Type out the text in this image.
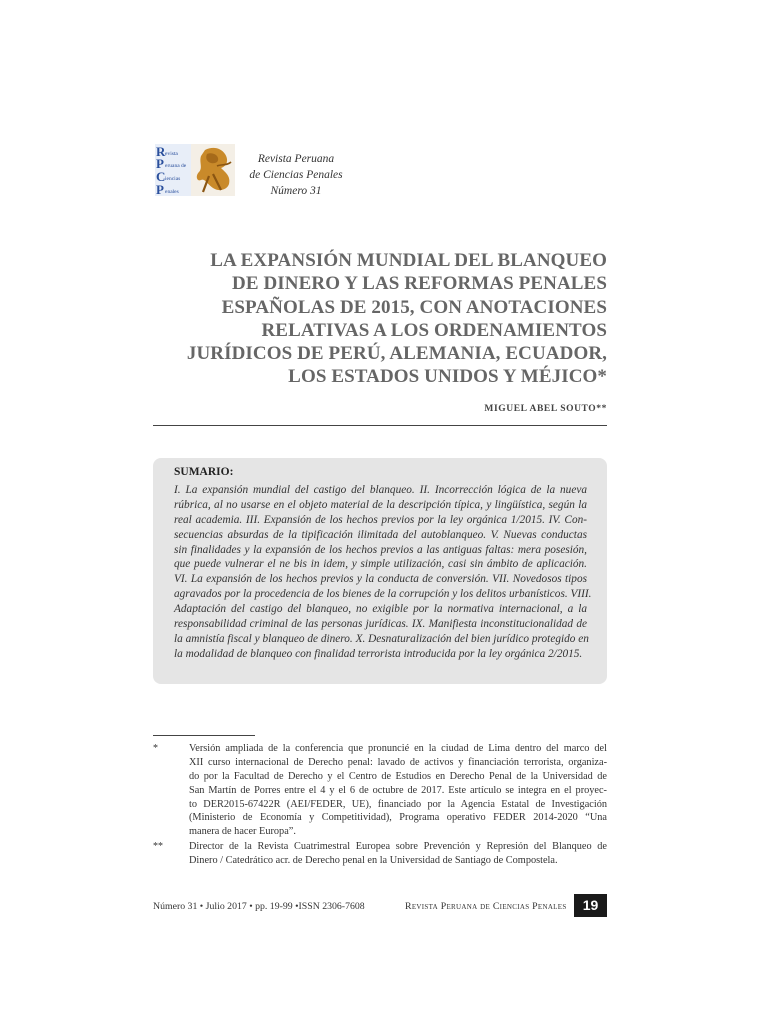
R evista
P eruana de
C iencias
P enales
Revista Peruana
de Ciencias Penales
Número 31
LA EXPANSIÓN MUNDIAL DEL BLANQUEO
DE DINERO Y LAS REFORMAS PENALES
ESPAÑOLAS DE 2015, CON ANOTACIONES
RELATIVAS A LOS ORDENAMIENTOS
JURÍDICOS DE PERÚ, ALEMANIA, ECUADOR,
LOS ESTADOS UNIDOS Y MÉJICO*
MIGUEL ABEL SOUTO**
SUMARIO:
I. La expansión mundial del castigo del blanqueo. II. Incorrección lógica de la nueva
rúbrica, al no usarse en el objeto material de la descripción típica, y lingüística, según la
real academia. III. Expansión de los hechos previos por la ley orgánica 1/2015. IV. Con-
secuencias absurdas de la tipificación ilimitada del autoblanqueo. V. Nuevas conductas
sin finalidades y la expansión de los hechos previos a las antiguas faltas: mera posesión,
que puede vulnerar el ne bis in idem, y simple utilización, casi sin ámbito de aplicación.
VI. La expansión de los hechos previos y la conducta de conversión. VII. Novedosos tipos
agravados por la procedencia de los bienes de la corrupción y los delitos urbanísticos. VIII.
Adaptación del castigo del blanqueo, no exigible por la normativa internacional, a la
responsabilidad criminal de las personas jurídicas. IX. Manifiesta inconstitucionalidad de
la amnistía fiscal y blanqueo de dinero. X. Desnaturalización del bien jurídico protegido en
la modalidad de blanqueo con finalidad terrorista introducida por la ley orgánica 2/2015.
*	Versión ampliada de la conferencia que pronuncié en la ciudad de Lima dentro del marco del
XII curso internacional de Derecho penal: lavado de activos y financiación terrorista, organiza-
do por la Facultad de Derecho y el Centro de Estudios en Derecho Penal de la Universidad de
San Martín de Porres entre el 4 y el 6 de octubre de 2017. Este artículo se integra en el proyec-
to DER2015-67422R (AEI/FEDER, UE), financiado por la Agencia Estatal de Investigación
(Ministerio de Economía y Competitividad), Programa operativo FEDER 2014-2020 “Una
manera de hacer Europa”.
**	Director de la Revista Cuatrimestral Europea sobre Prevención y Represión del Blanqueo de
Dinero / Catedrático acr. de Derecho penal en la Universidad de Santiago de Compostela.
Número 31 • Julio 2017 • pp. 19-99 •ISSN 2306-7608	Revista Peruana de Ciencias Penales	19
